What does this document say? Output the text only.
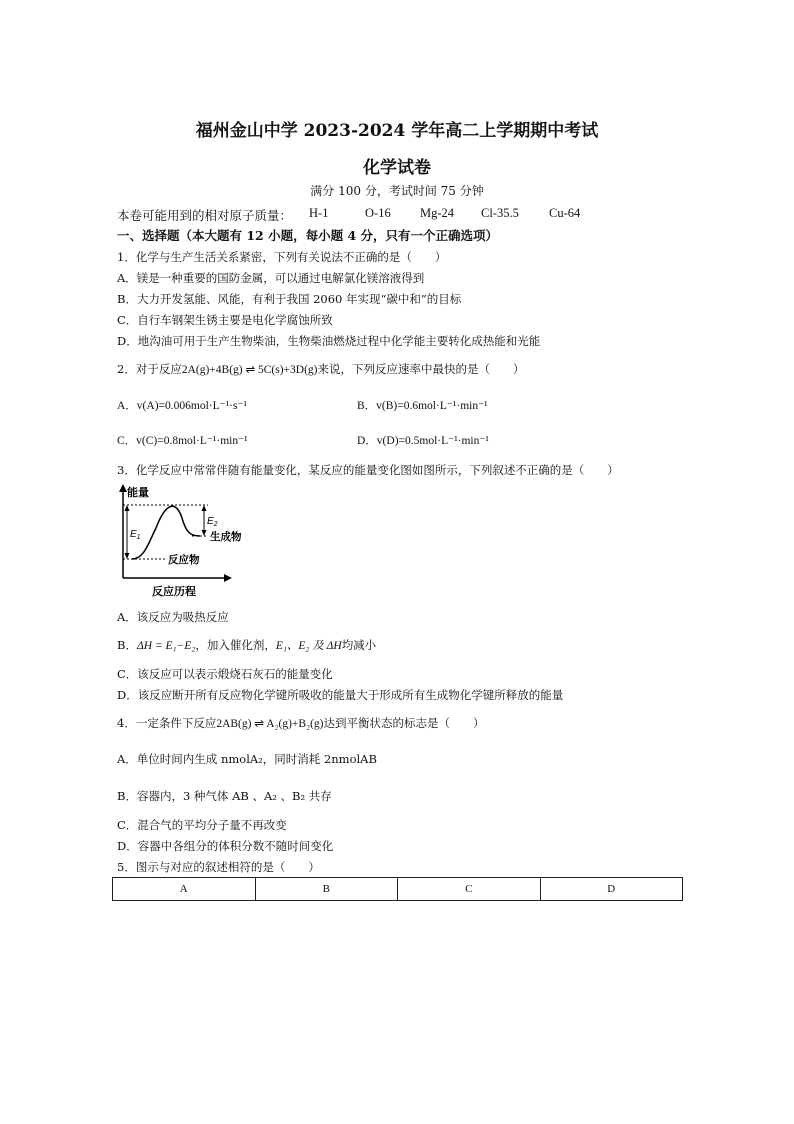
福州金山中学 2023-2024 学年高二上学期期中考试
化学试卷
满分 100 分，考试时间 75 分钟
本卷可能用到的相对原子质量： H-1	O-16 Mg-24 Cl-35.5 Cu-64
一、选择题（本大题有 12 小题，每小题 4 分，只有一个正确选项）
1．化学与生产生活关系紧密，下列有关说法不正确的是（　　）
A．镁是一种重要的国防金属，可以通过电解氯化镁溶液得到
B．大力开发氢能、风能，有利于我国 2060 年实现“碳中和”的目标
C．自行车钢架生锈主要是电化学腐蚀所致
D．地沟油可用于生产生物柴油，生物柴油燃烧过程中化学能主要转化成热能和光能
2．对于反应2A(g)+4B(g) ⇌ 5C(s)+3D(g)来说，下列反应速率中最快的是（　　）
A．v(A)=0.006mol·L⁻¹·s⁻¹	B．v(B)=0.6mol·L⁻¹·min⁻¹
C．v(C)=0.8mol·L⁻¹·min⁻¹	D．v(D)=0.5mol·L⁻¹·min⁻¹
3．化学反应中常常伴随有能量变化，某反应的能量变化图如图所示，下列叙述不正确的是（　　）
能量
反应历程
反应物
生成物
$E_1$
$E_2$
A．该反应为吸热反应
B．ΔH = E₁−E₂，加入催化剂，E₁、E₂ 及 ΔH均减小
C．该反应可以表示煅烧石灰石的能量变化
D．该反应断开所有反应物化学键所吸收的能量大于形成所有生成物化学键所释放的能量
4．一定条件下反应2AB(g) ⇌ A₂(g)+B₂(g)达到平衡状态的标志是（　　）
A．单位时间内生成 nmolA₂，同时消耗 2nmolAB
B．容器内，3 种气体 AB 、A₂ 、B₂ 共存
C．混合气的平均分子量不再改变
D．容器中各组分的体积分数不随时间变化
5．图示与对应的叙述相符的是（　　）
A	B	C	D
